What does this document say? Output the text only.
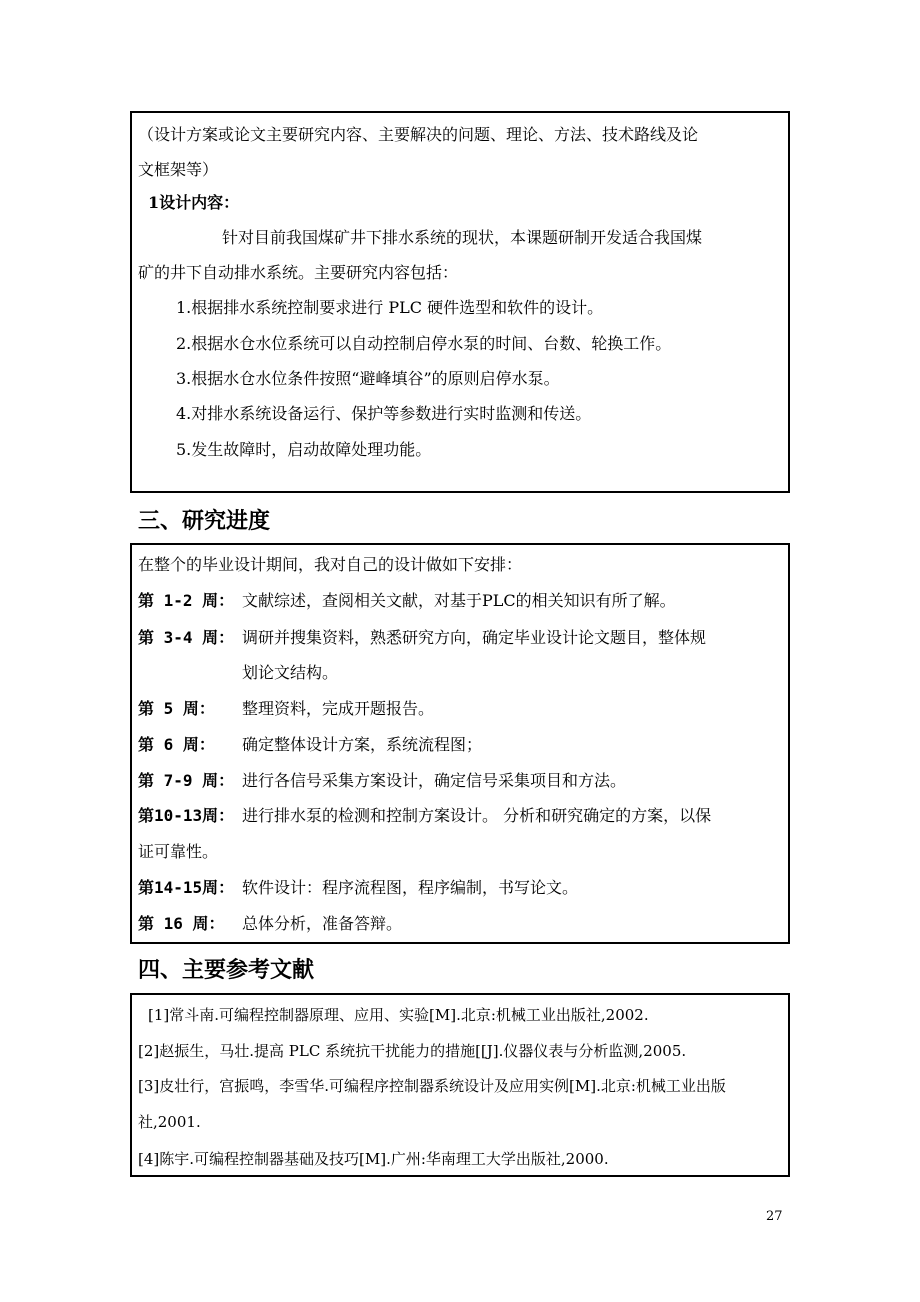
（设计方案或论文主要研究内容、主要解决的问题、理论、方法、技术路线及论
文框架等）
1设计内容：
针对目前我国煤矿井下排水系统的现状，本课题研制开发适合我国煤
矿的井下自动排水系统。主要研究内容包括：
1.根据排水系统控制要求进行 PLC 硬件选型和软件的设计。
2.根据水仓水位系统可以自动控制启停水泵的时间、台数、轮换工作。
3.根据水仓水位条件按照“避峰填谷”的原则启停水泵。
4.对排水系统设备运行、保护等参数进行实时监测和传送。
5.发生故障时，启动故障处理功能。
三、研究进度
在整个的毕业设计期间，我对自己的设计做如下安排：
第 1-2 周： 文献综述，查阅相关文献，对基于PLC的相关知识有所了解。
第 3-4 周： 调研并搜集资料，熟悉研究方向，确定毕业设计论文题目，整体规
划论文结构。
第 5 周： 整理资料，完成开题报告。
第 6 周： 确定整体设计方案，系统流程图；
第 7-9 周： 进行各信号采集方案设计，确定信号采集项目和方法。
第10-13周： 进行排水泵的检测和控制方案设计。 分析和研究确定的方案，以保
证可靠性。
第14-15周： 软件设计：程序流程图，程序编制，书写论文。
第 16 周： 总体分析，准备答辩。
四、主要参考文献
[1]常斗南.可编程控制器原理、应用、实验[M].北京:机械工业出版社,2002.
[2]赵振生，马壮.提高 PLC 系统抗干扰能力的措施[[J].仪器仪表与分析监测,2005.
[3]皮壮行，宫振鸣，李雪华.可编程序控制器系统设计及应用实例[M].北京:机械工业出版
社,2001.
[4]陈宇.可编程控制器基础及技巧[M].广州:华南理工大学出版社,2000.
27
